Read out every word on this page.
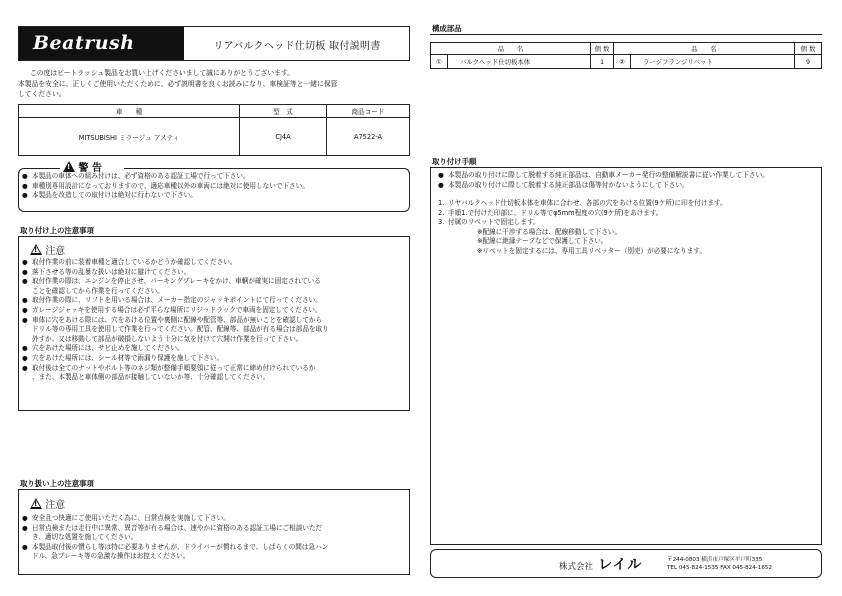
Beatrush	リアバルクヘッド仕切板 取付説明書
この度はビートラッシュ製品をお買い上げくださいまして誠にありがとうございます。
本製品を安全に、正しくご使用いただくために、必ず説明書を良くお読みになり、車検証等と一緒に保管
してください。
車　　種	型　式	商品コード
MITSUBISHI ミラージュ アスティ	CJ4A	A7522-A
! 警 告
● 本製品の車体への組み付けは、必ず資格のある認証工場で行って下さい。
● 車種別専用設計になっておりますので、適応車種以外の車両には絶対に使用しないで下さい。
● 本製品を改造しての取付けは絶対に行わないで下さい。
取り付け上の注意事項
! 注意
● 取付作業の前に装着車種と適合しているかどうか確認してください。
● 落下させる等の乱暴な扱いは絶対に避けてください。
● 取付作業の際は、エンジンを停止させ、パーキングブレーキをかけ、車輌が確実に固定されている
ことを確認してから作業を行ってください。
● 取付作業の際に、リフトを用いる場合は、メーカー指定のジャッキポイントにて行ってください。
● ガレージジャッキを使用する場合は必ず平らな場所にリジッドラックで車両を固定してください。
● 車体に穴をあける際には、穴をあける位置や裏側に配線や配管等、部品が無いことを確認してから
ドリル等の専用工具を使用して作業を行ってください。配管、配線等、部品が有る場合は部品を取り
外すか、又は移動して部品が破損しないよう十分に気を付けて穴開け作業を行って下さい。
● 穴をあけた場所には、サビ止めを施してください。
● 穴をあけた場所には、シール材等で雨漏り保護を施して下さい。
● 取付後は全てのナットやボルト等のネジ類が整備手順要領に従って正常に締め付けられているか
、また、本製品と車体側の部品が接触していないか等、十分確認してください。
取り扱い上の注意事項
! 注意
● 安全且つ快適にご使用いただく為に、日常点検を実施して下さい。
● 日常点検または走行中に異常、異音等が有る場合は、速やかに資格のある認証工場にご相談いただ
き、適切な処置を施してください。
● 本製品取付後の慣らし等は特に必要ありませんが、ドライバーが慣れるまで、しばらくの間は急ハン
ドル、急ブレーキ等の急激な操作はお控えください。
構成部品
品　　名		個 数	品　　名		個 数
①	バルクヘッド仕切板本体	1	②	ラージフランジリベット	9
取り付け手順
● 本製品の取り付けに際して脱着する純正部品は、自動車メーカー発行の整備解説書に従い作業して下さい。
● 本製品の取り付けに際して脱着する純正部品は傷等付かないようにして下さい。
1. リヤバルクヘッド仕切板本体を車体に合わせ、各部の穴をあける位置(9ケ所)に印を付けます。
2. 手順1.で付けた印部に、ドリル等でφ5mm程度の穴(9ケ所)をあけます。
3. 付属のリベットで固定します。
※配線に干渉する場合は、配線移動して下さい。
※配線に絶縁テープなどで保護して下さい。
※リベットを固定するには、専用工具リベッター（別売）が必要になります。
株式会社 レイル	〒244-0803 横浜市戸塚区平戸町335
TEL 045-824-1535 FAX 045-824-1652
